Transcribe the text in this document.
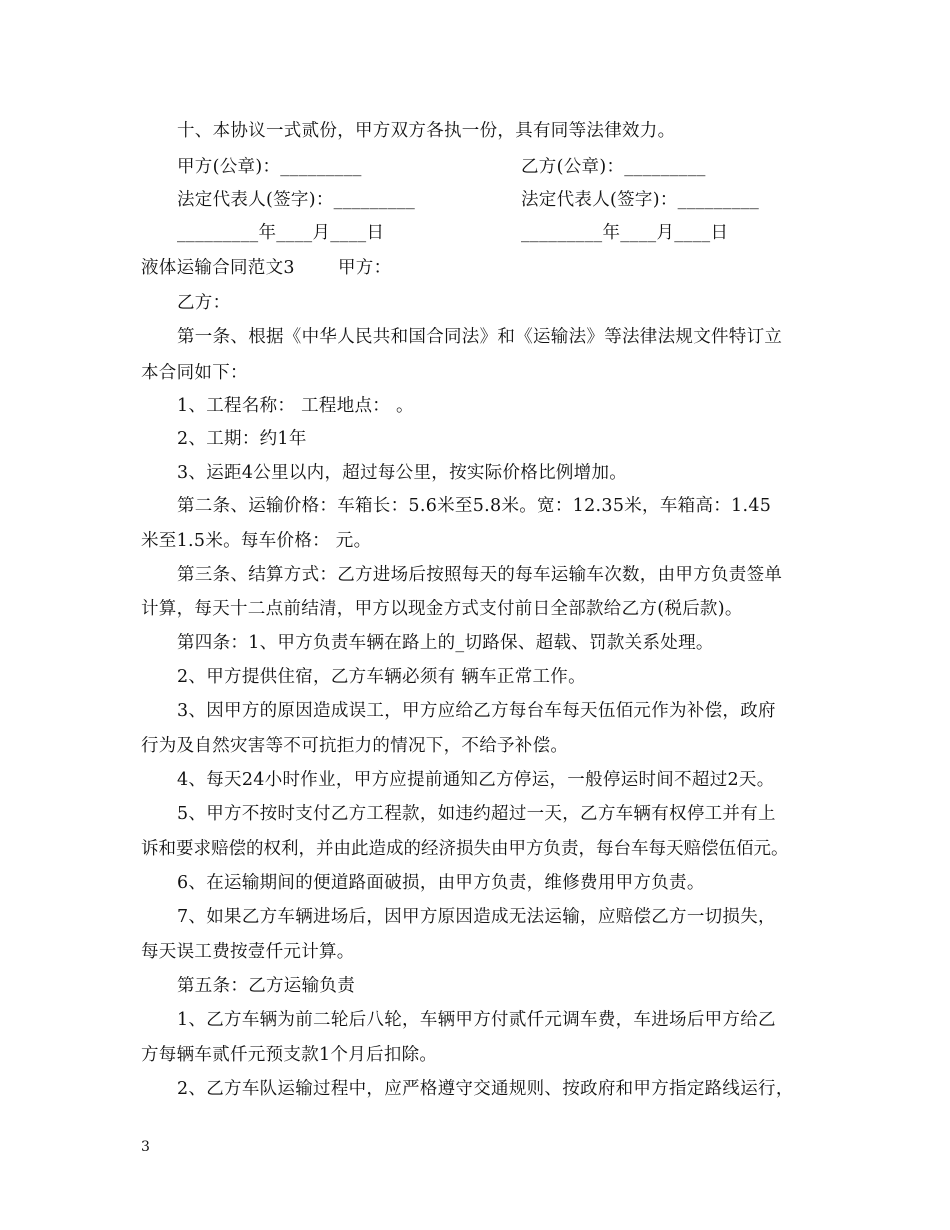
十、本协议一式贰份，甲方双方各执一份，具有同等法律效力。
甲方(公章)：_________	乙方(公章)：_________
法定代表人(签字)：_________	法定代表人(签字)：_________
_________年____月____日	_________年____月____日
液体运输合同范文3 甲方：
乙方：
第一条、根据《中华人民共和国合同法》和《运输法》等法律法规文件特订立
本合同如下：
1、工程名称： 工程地点： 。
2、工期：约1年
3、运距4公里以内，超过每公里，按实际价格比例增加。
第二条、运输价格：车箱长：5.6米至5.8米。宽：12.35米，车箱高：1.45
米至1.5米。每车价格： 元。
第三条、结算方式：乙方进场后按照每天的每车运输车次数，由甲方负责签单
计算，每天十二点前结清，甲方以现金方式支付前日全部款给乙方(税后款)。
第四条：1、甲方负责车辆在路上的_切路保、超载、罚款关系处理。
2、甲方提供住宿，乙方车辆必须有 辆车正常工作。
3、因甲方的原因造成误工，甲方应给乙方每台车每天伍佰元作为补偿，政府
行为及自然灾害等不可抗拒力的情况下，不给予补偿。
4、每天24小时作业，甲方应提前通知乙方停运，一般停运时间不超过2天。
5、甲方不按时支付乙方工程款，如违约超过一天，乙方车辆有权停工并有上
诉和要求赔偿的权利，并由此造成的经济损失由甲方负责，每台车每天赔偿伍佰元。
6、在运输期间的便道路面破损，由甲方负责，维修费用甲方负责。
7、如果乙方车辆进场后，因甲方原因造成无法运输，应赔偿乙方一切损失，
每天误工费按壹仟元计算。
第五条：乙方运输负责
1、乙方车辆为前二轮后八轮，车辆甲方付贰仟元调车费，车进场后甲方给乙
方每辆车贰仟元预支款1个月后扣除。
2、乙方车队运输过程中，应严格遵守交通规则、按政府和甲方指定路线运行，
3
